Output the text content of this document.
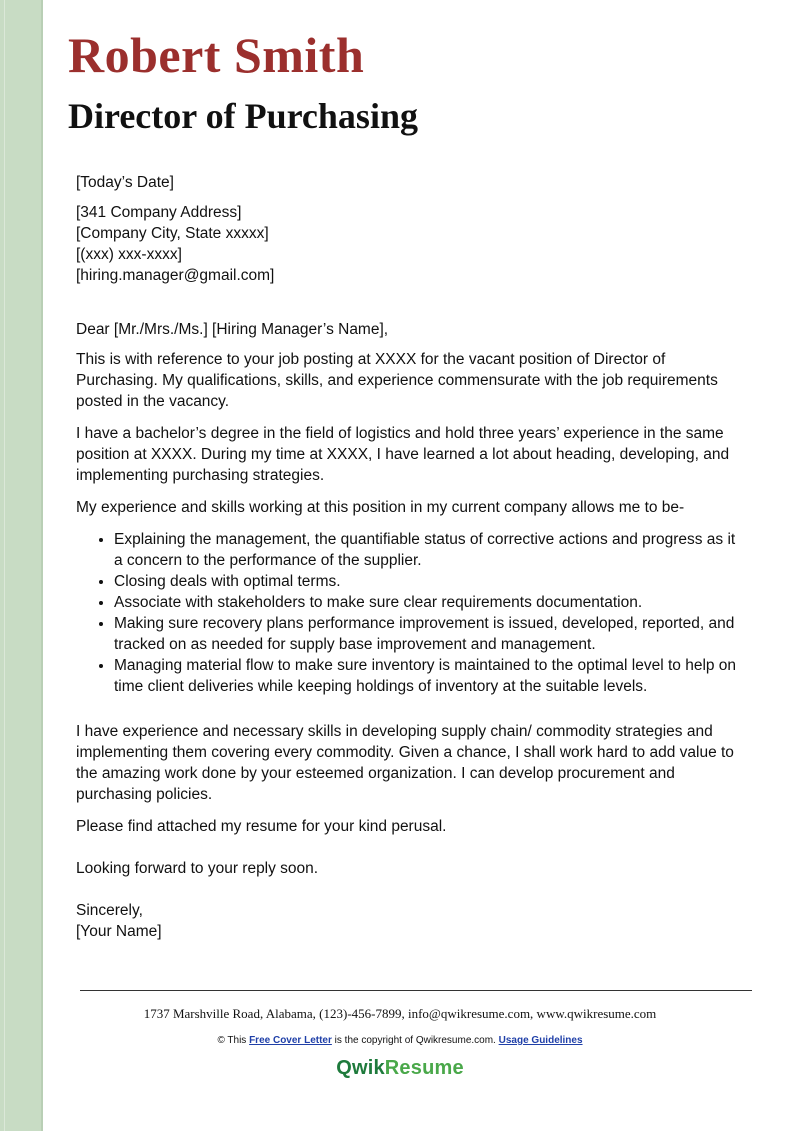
Robert Smith
Director of Purchasing

[Today’s Date]

[341 Company Address]
[Company City, State xxxxx]
[(xxx) xxx-xxxx]
[hiring.manager@gmail.com]

Dear [Mr./Mrs./Ms.] [Hiring Manager’s Name],

This is with reference to your job posting at XXXX for the vacant position of Director of Purchasing. My qualifications, skills, and experience commensurate with the job requirements posted in the vacancy.

I have a bachelor’s degree in the field of logistics and hold three years’ experience in the same position at XXXX. During my time at XXXX, I have learned a lot about heading, developing, and implementing purchasing strategies.

My experience and skills working at this position in my current company allows me to be-

• Explaining the management, the quantifiable status of corrective actions and progress as it a concern to the performance of the supplier.
• Closing deals with optimal terms.
• Associate with stakeholders to make sure clear requirements documentation.
• Making sure recovery plans performance improvement is issued, developed, reported, and tracked on as needed for supply base improvement and management.
• Managing material flow to make sure inventory is maintained to the optimal level to help on time client deliveries while keeping holdings of inventory at the suitable levels.

I have experience and necessary skills in developing supply chain/ commodity strategies and implementing them covering every commodity. Given a chance, I shall work hard to add value to the amazing work done by your esteemed organization. I can develop procurement and purchasing policies.

Please find attached my resume for your kind perusal.

Looking forward to your reply soon.

Sincerely,

[Your Name]

1737 Marshville Road, Alabama, (123)-456-7899, info@qwikresume.com, www.qwikresume.com
© This Free Cover Letter is the copyright of Qwikresume.com. Usage Guidelines
QwikResume
